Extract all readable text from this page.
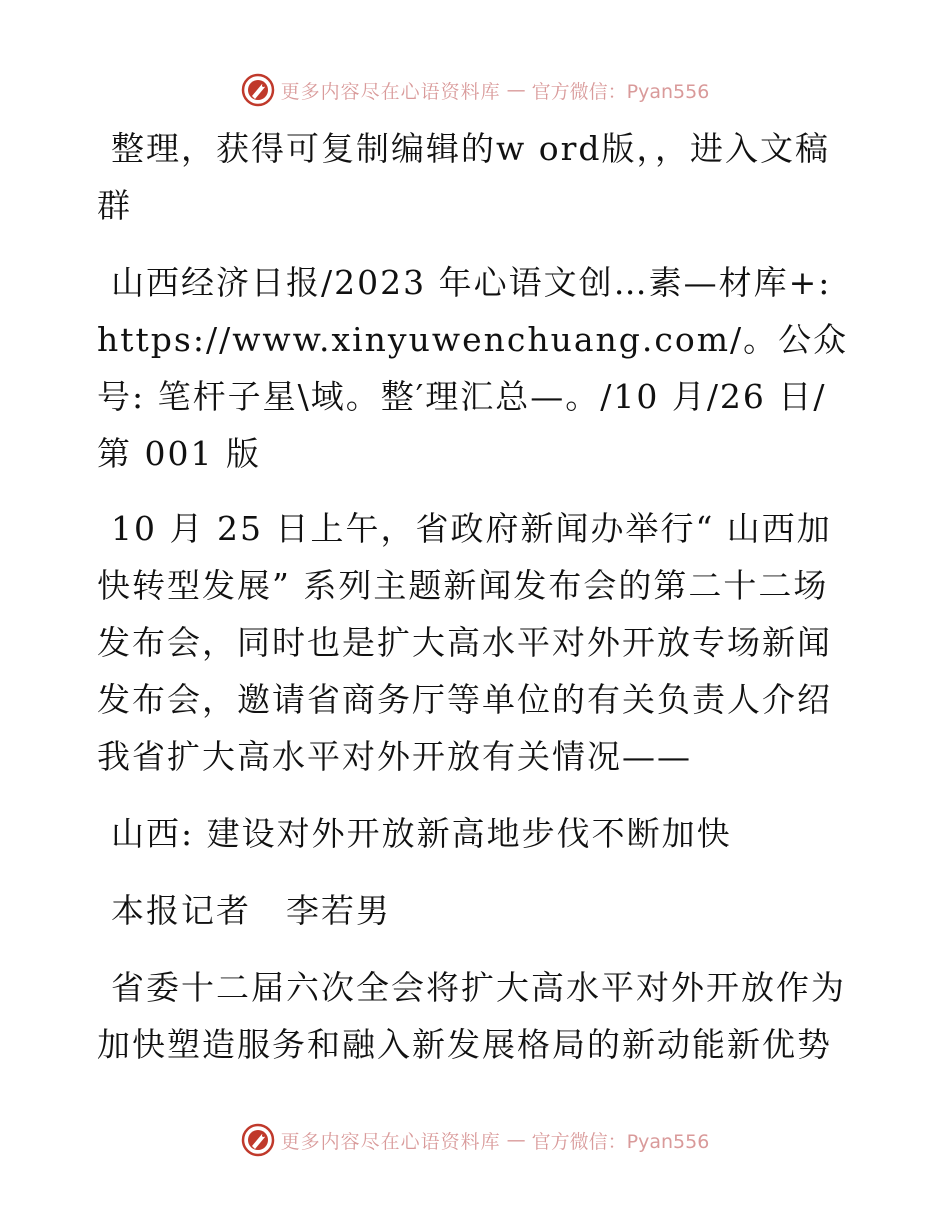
更多内容尽在心语资料库 — 官方微信：Pyan556

整理，获得可复制编辑的w ord版，，进入文稿群

山西经济日报/2023 年心语文创…素—材库+: https://www.xinyuwenchuang.com/。公众号: 笔杆子星\域。整′理汇总—。/10 月/26 日/第 001 版

10 月 25 日上午，省政府新闻办举行“ 山西加快转型发展” 系列主题新闻发布会的第二十二场发布会，同时也是扩大高水平对外开放专场新闻发布会，邀请省商务厅等单位的有关负责人介绍我省扩大高水平对外开放有关情况——

山西: 建设对外开放新高地步伐不断加快

本报记者　李若男

省委十二届六次全会将扩大高水平对外开放作为加快塑造服务和融入新发展格局的新动能新优势

更多内容尽在心语资料库 — 官方微信：Pyan556
